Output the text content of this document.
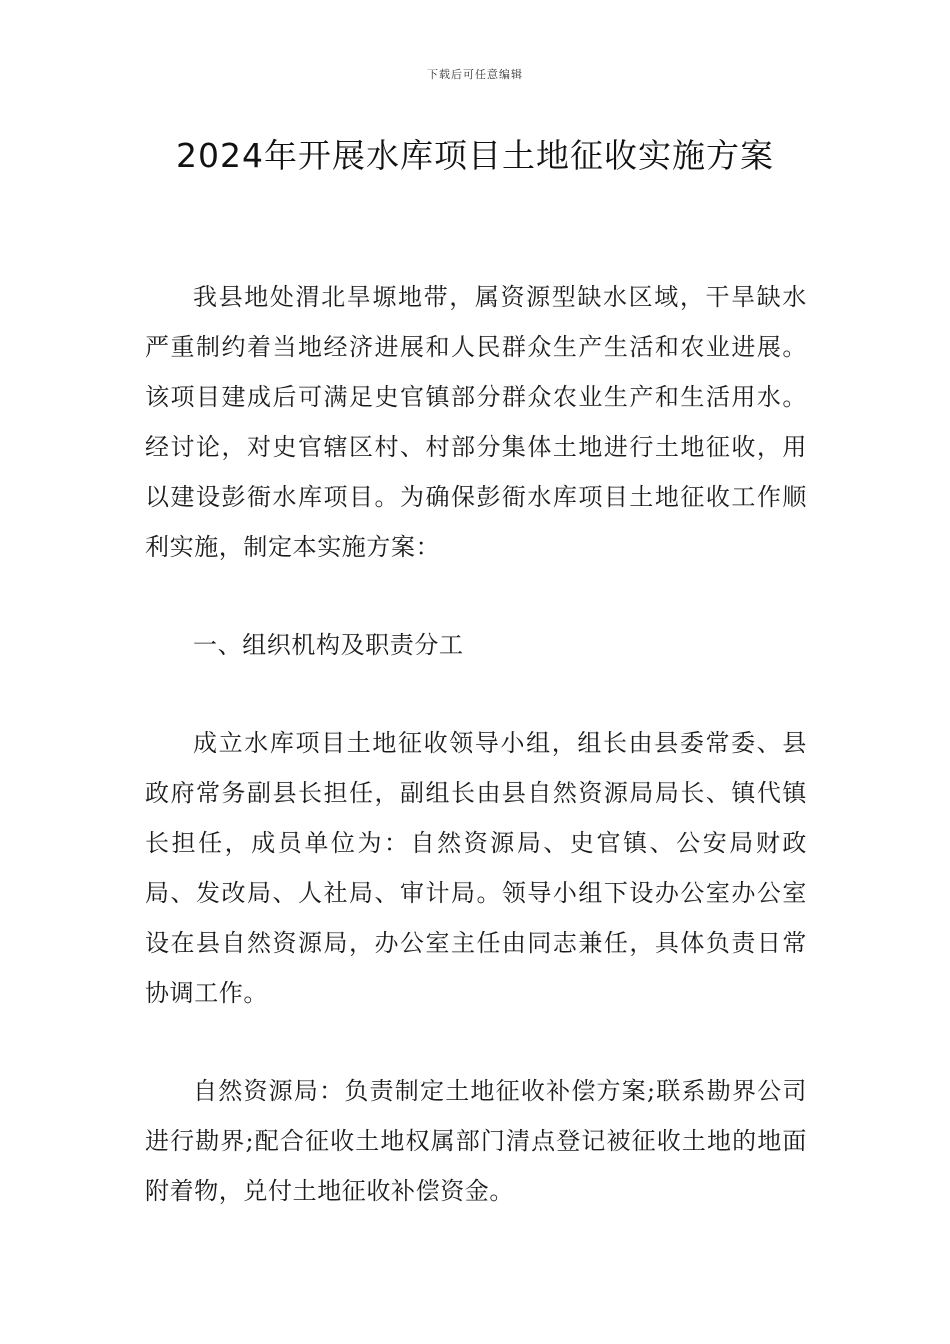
下载后可任意编辑
2024年开展水库项目土地征收实施方案

我县地处渭北旱塬地带，属资源型缺水区域，干旱缺水严重制约着当地经济进展和人民群众生产生活和农业进展。该项目建成后可满足史官镇部分群众农业生产和生活用水。经讨论，对史官辖区村、村部分集体土地进行土地征收，用以建设彭衙水库项目。为确保彭衙水库项目土地征收工作顺利实施，制定本实施方案：

一、组织机构及职责分工

成立水库项目土地征收领导小组，组长由县委常委、县政府常务副县长担任，副组长由县自然资源局局长、镇代镇长担任，成员单位为：自然资源局、史官镇、公安局财政局、发改局、人社局、审计局。领导小组下设办公室办公室设在县自然资源局，办公室主任由同志兼任，具体负责日常协调工作。

自然资源局：负责制定土地征收补偿方案;联系勘界公司进行勘界;配合征收土地权属部门清点登记被征收土地的地面附着物，兑付土地征收补偿资金。
